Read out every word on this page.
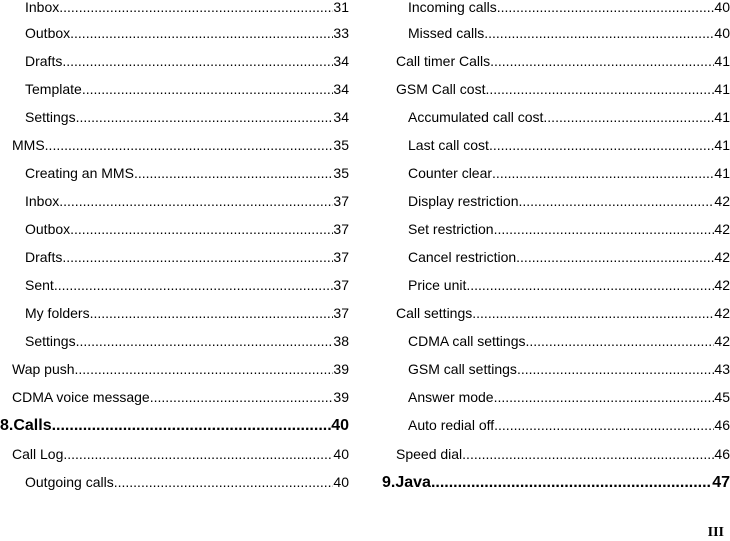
Inbox .....	31
Outbox .....	33
Drafts .....	34
Template .....	34
Settings .....	34
MMS .....	35
Creating an MMS .....	35
Inbox .....	37
Outbox .....	37
Drafts .....	37
Sent .....	37
My folders .....	37
Settings .....	38
Wap push .....	39
CDMA voice message .....	39
8.Calls .....	40
Call Log .....	40
Outgoing calls .....	40
Incoming calls .....	40
Missed calls .....	40
Call timer Calls .....	41
GSM Call cost .....	41
Accumulated call cost .....	41
Last call cost .....	41
Counter clear .....	41
Display restriction .....	42
Set restriction .....	42
Cancel restriction .....	42
Price unit .....	42
Call settings .....	42
CDMA call settings .....	42
GSM call settings .....	43
Answer mode .....	45
Auto redial off .....	46
Speed dial .....	46
9.Java .....	47
III
